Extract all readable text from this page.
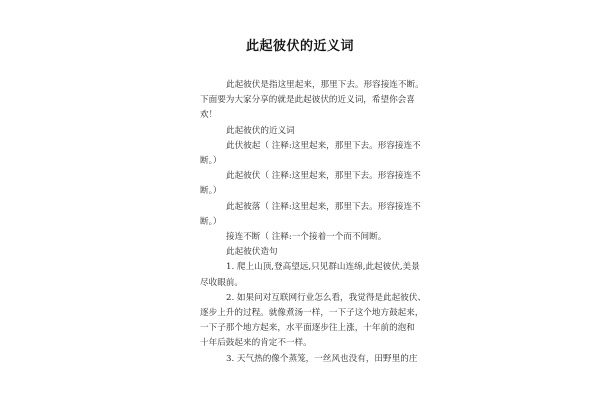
此起彼伏的近义词

此起彼伏是指这里起来，那里下去。形容接连不断。
下面要为大家分享的就是此起彼伏的近义词，希望你会喜
欢！

此起彼伏的近义词

此伏彼起（ 注释:这里起来，那里下去。形容接连不
断。）

此起彼伏（ 注释:这里起来，那里下去。形容接连不
断。）

此起彼落（ 注释:这里起来，那里下去。形容接连不
断。）

接连不断（ 注释:一个接着一个而不间断。

此起彼伏造句

1. 爬上山顶,登高望远,只见群山连绵,此起彼伏,美景
尽收眼前。

2. 如果问对互联网行业怎么看，我觉得是此起彼伏、
逐步上升的过程。就像煮汤一样，一下子这个地方鼓起来，
一下子那个地方起来，水平面逐步往上涨，十年前的泡和
十年后鼓起来的肯定不一样。

3. 天气热的像个蒸笼，一丝风也没有，田野里的庄
